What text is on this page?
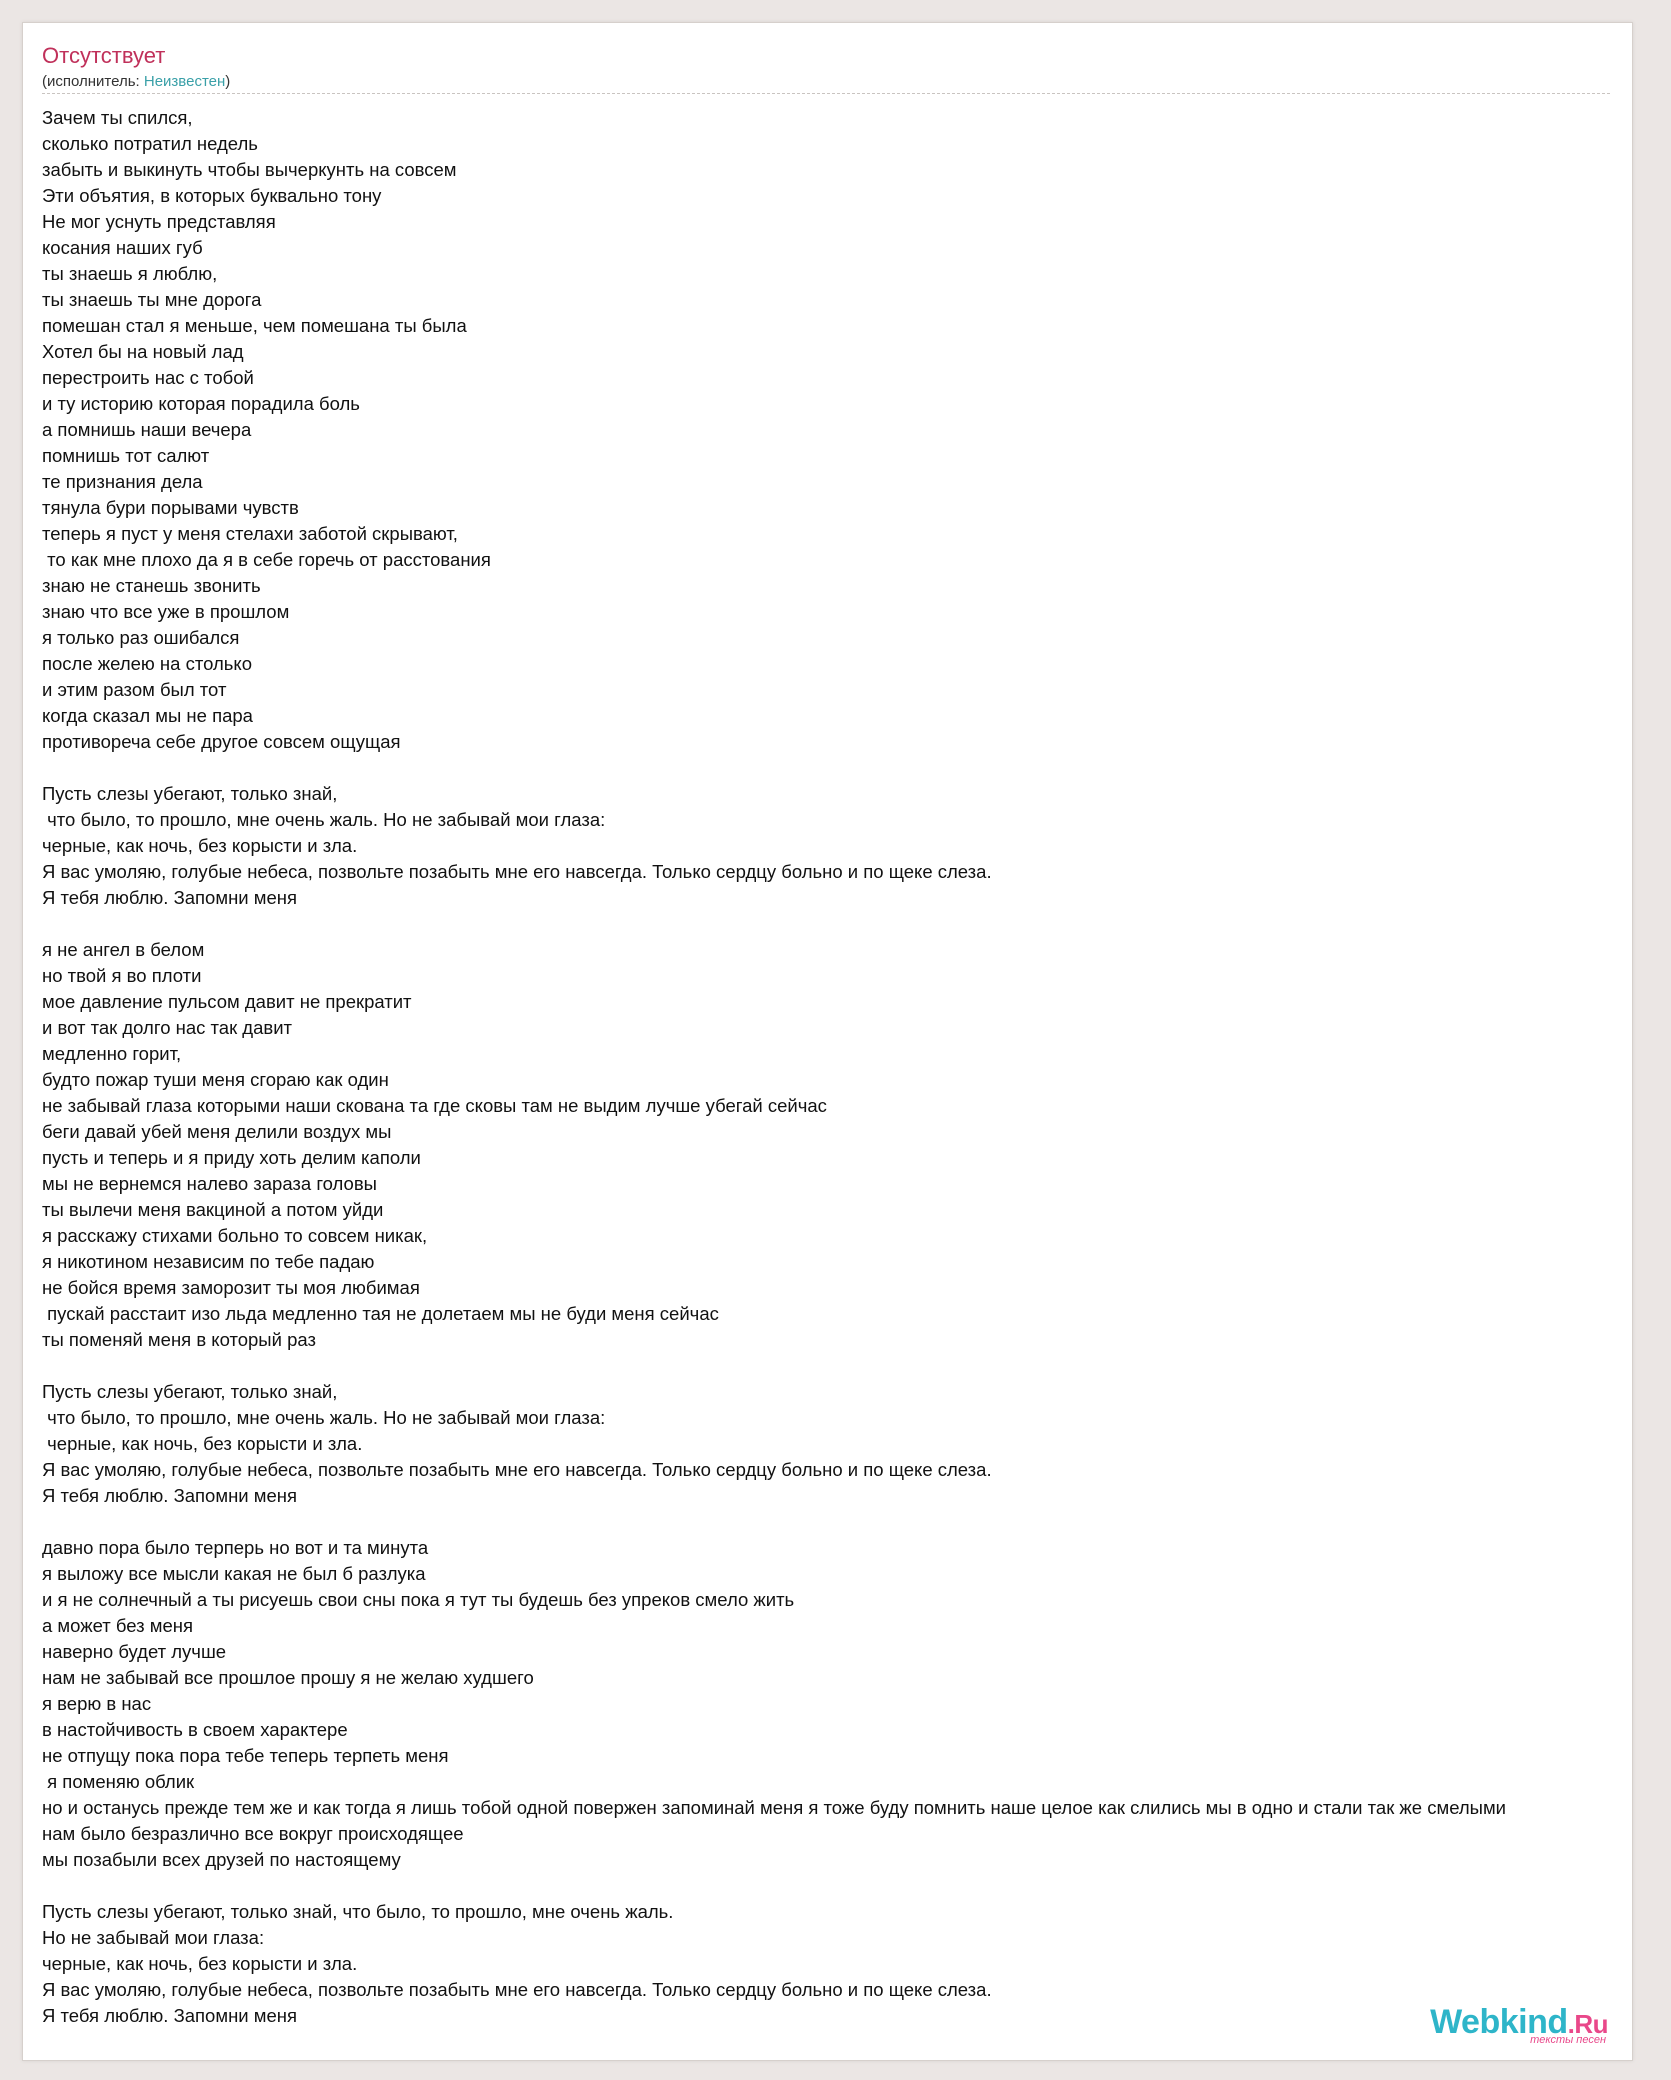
Отсутствует
(исполнитель: Неизвестен)
Зачем ты спился,
сколько потратил недель
забыть и выкинуть чтобы вычеркунть на совсем
Эти объятия, в которых буквально тону
Не мог уснуть представляя
косания наших губ
ты знаешь я люблю,
ты знаешь ты мне дорога
помешан стал я меньше, чем помешана ты была
Хотел бы на новый лад
перестроить нас с тобой
и ту историю которая порадила боль
а помнишь наши вечера
помнишь тот салют
те признания дела
тянула бури порывами чувств
теперь я пуст у меня стелахи заботой скрывают,
то как мне плохо да я в себе горечь от расстования
знаю не станешь звонить
знаю что все уже в прошлом
я только раз ошибался
после желею на столько
и этим разом был тот
когда сказал мы не пара
противореча себе другое совсем ощущая

Пусть слезы убегают, только знай,
что было, то прошло, мне очень жаль. Но не забывай мои глаза:
черные, как ночь, без корысти и зла.
Я вас умоляю, голубые небеса, позвольте позабыть мне его навсегда. Только сердцу больно и по щеке слеза.
Я тебя люблю. Запомни меня

я не ангел в белом
но твой я во плоти
мое давление пульсом давит не прекратит
и вот так долго нас так давит
медленно горит,
будто пожар туши меня сгораю как один
не забывай глаза которыми наши скована та где сковы там не выдим лучше убегай сейчас
беги давай убей меня делили воздух мы
пусть и теперь и я приду хоть делим каполи
мы не вернемся налево зараза головы
ты вылечи меня вакциной а потом уйди
я расскажу стихами больно то совсем никак,
я никотином независим по тебе падаю
не бойся время заморозит ты моя любимая
пускай расстаит изо льда медленно тая не долетаем мы не буди меня сейчас
ты поменяй меня в который раз

Пусть слезы убегают, только знай,
что было, то прошло, мне очень жаль. Но не забывай мои глаза:
черные, как ночь, без корысти и зла.
Я вас умоляю, голубые небеса, позвольте позабыть мне его навсегда. Только сердцу больно и по щеке слеза.
Я тебя люблю. Запомни меня

давно пора было терперь но вот и та минута
я выложу все мысли какая не был б разлука
и я не солнечный а ты рисуешь свои сны пока я тут ты будешь без упреков смело жить
а может без меня
наверно будет лучше
нам не забывай все прошлое прошу я не желаю худшего
я верю в нас
в настойчивость в своем характере
не отпущу пока пора тебе теперь терпеть меня
я поменяю облик
но и останусь прежде тем же и как тогда я лишь тобой одной повержен запоминай меня я тоже буду помнить наше целое как слились мы в одно и стали так же смелыми
нам было безразлично все вокруг происходящее
мы позабыли всех друзей по настоящему

Пусть слезы убегают, только знай, что было, то прошло, мне очень жаль.
Но не забывай мои глаза:
черные, как ночь, без корысти и зла.
Я вас умоляю, голубые небеса, позвольте позабыть мне его навсегда. Только сердцу больно и по щеке слеза.
Я тебя люблю. Запомни меня	Webkind.Ru
тексты песен
